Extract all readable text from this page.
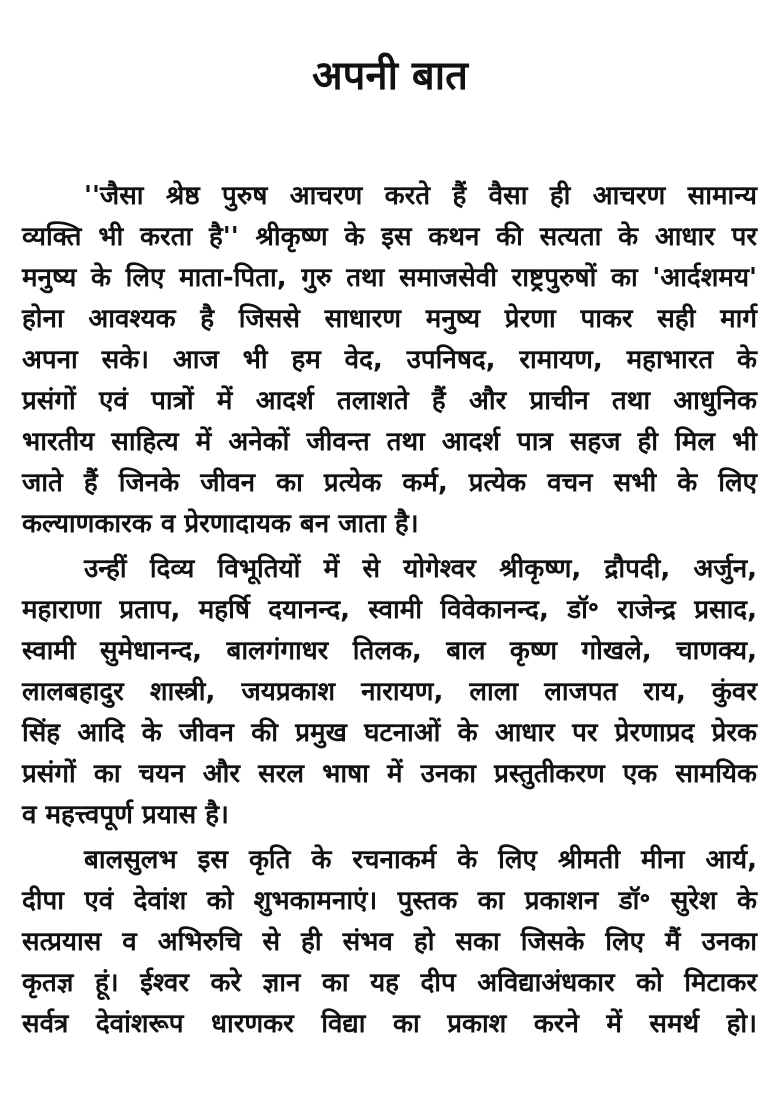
अपनी बात
''जैसा श्रेष्ठ पुरुष आचरण करते हैं वैसा ही आचरण सामान्य
व्यक्ति भी करता है'' श्रीकृष्ण के इस कथन की सत्यता के आधार पर
मनुष्य के लिए माता-पिता, गुरु तथा समाजसेवी राष्ट्रपुरुषों का 'आर्दशमय'
होना आवश्यक है जिससे साधारण मनुष्य प्रेरणा पाकर सही मार्ग
अपना सके। आज भी हम वेद, उपनिषद, रामायण, महाभारत के
प्रसंगों एवं पात्रों में आदर्श तलाशते हैं और प्राचीन तथा आधुनिक
भारतीय साहित्य में अनेकों जीवन्त तथा आदर्श पात्र सहज ही मिल भी
जाते हैं जिनके जीवन का प्रत्येक कर्म, प्रत्येक वचन सभी के लिए
कल्याणकारक व प्रेरणादायक बन जाता है।
उन्हीं दिव्य विभूतियों में से योगेश्वर श्रीकृष्ण, द्रौपदी, अर्जुन,
महाराणा प्रताप, महर्षि दयानन्द, स्वामी विवेकानन्द, डॉ॰ राजेन्द्र प्रसाद,
स्वामी सुमेधानन्द, बालगंगाधर तिलक, बाल कृष्ण गोखले, चाणक्य,
लालबहादुर शास्त्री, जयप्रकाश नारायण, लाला लाजपत राय, कुंवर
सिंह आदि के जीवन की प्रमुख घटनाओं के आधार पर प्रेरणाप्रद प्रेरक
प्रसंगों का चयन और सरल भाषा में उनका प्रस्तुतीकरण एक सामयिक
व महत्त्वपूर्ण प्रयास है।
बालसुलभ इस कृति के रचनाकर्म के लिए श्रीमती मीना आर्य,
दीपा एवं देवांश को शुभकामनाएं। पुस्तक का प्रकाशन डॉ॰ सुरेश के
सत्प्रयास व अभिरुचि से ही संभव हो सका जिसके लिए मैं उनका
कृतज्ञ हूं। ईश्वर करे ज्ञान का यह दीप अविद्याअंधकार को मिटाकर
सर्वत्र देवांशरूप धारणकर विद्या का प्रकाश करने में समर्थ हो।
